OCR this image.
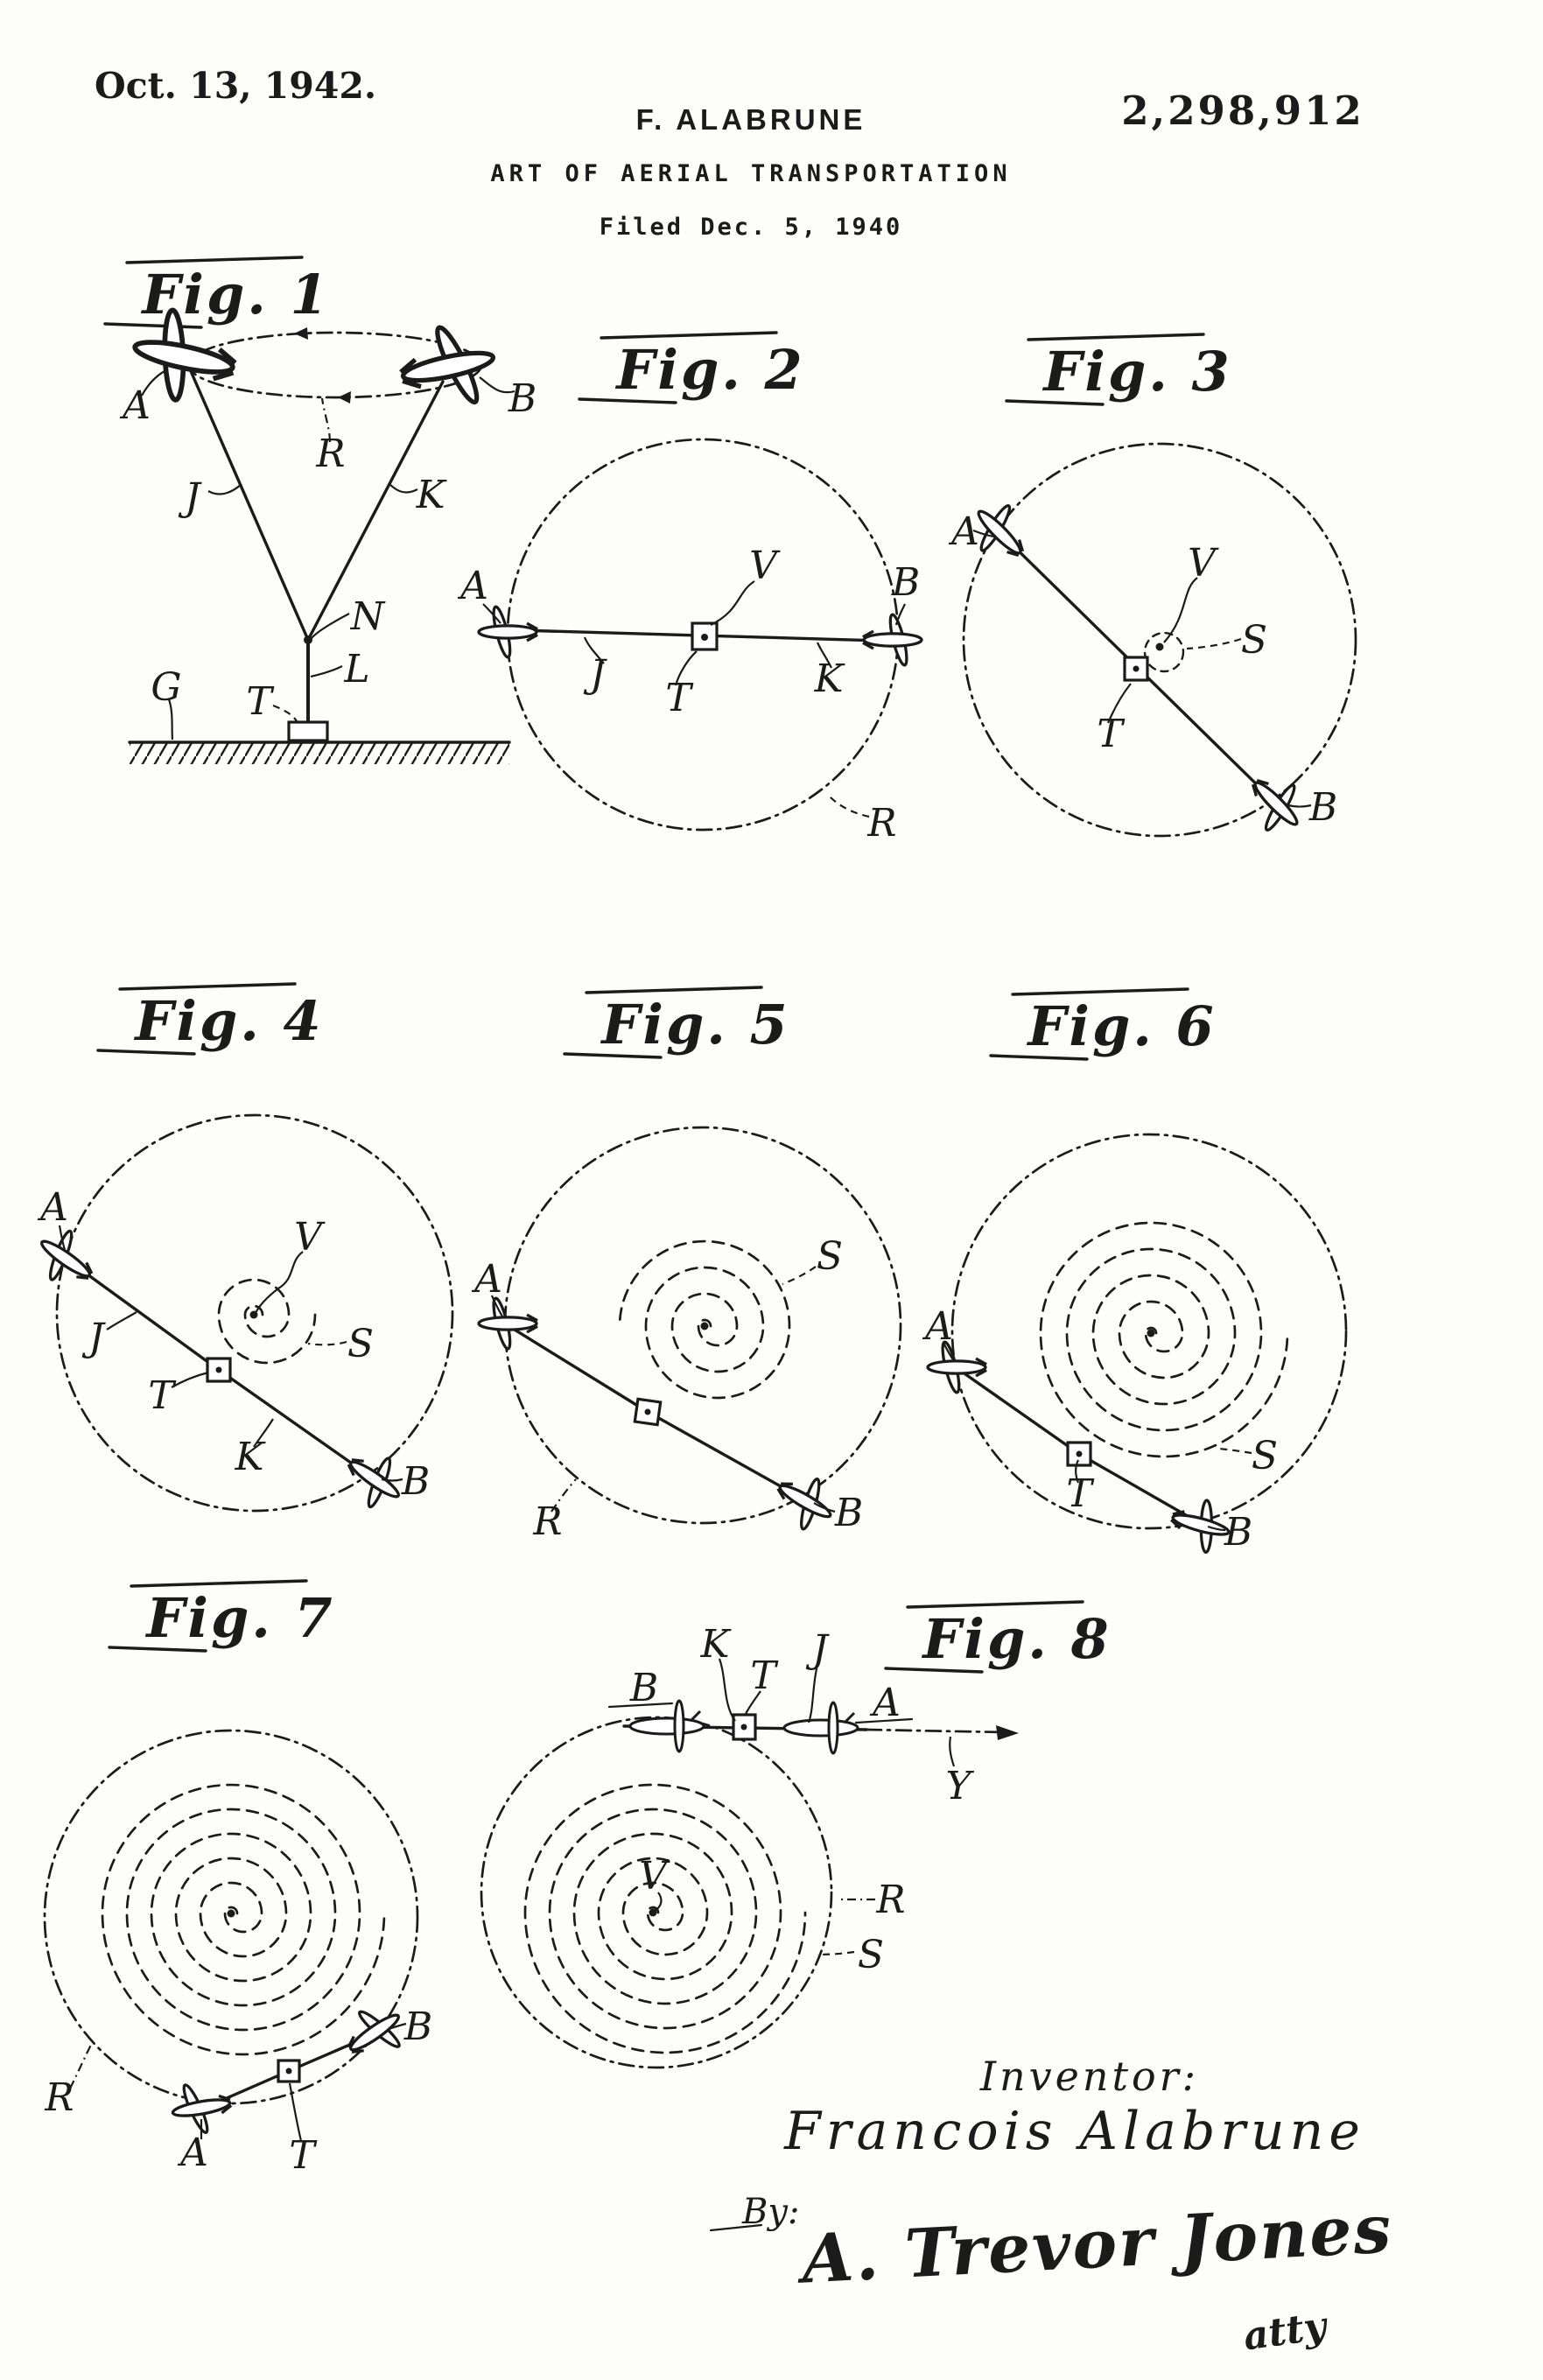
Oct. 13, 1942.
F. ALABRUNE	2,298,912
ART OF AERIAL TRANSPORTATION
Filed Dec. 5, 1940
Fig. 1
A	B
R
J	K
N
L
G T
Fig. 2
A	V
J
T	K
B
R
Fig. 3
A
V
S
T
B
Fig. 4
A
V
J	S
T
K
B
Fig. 5
A
S
R	B
Fig. 6
A
T
S
B
Fig. 7
R
A T
B
Fig. 8
K
T
J
B	A
Y
V
R
S
Inventor:
Francois Alabrune
By: A. Trevor Jones
atty
